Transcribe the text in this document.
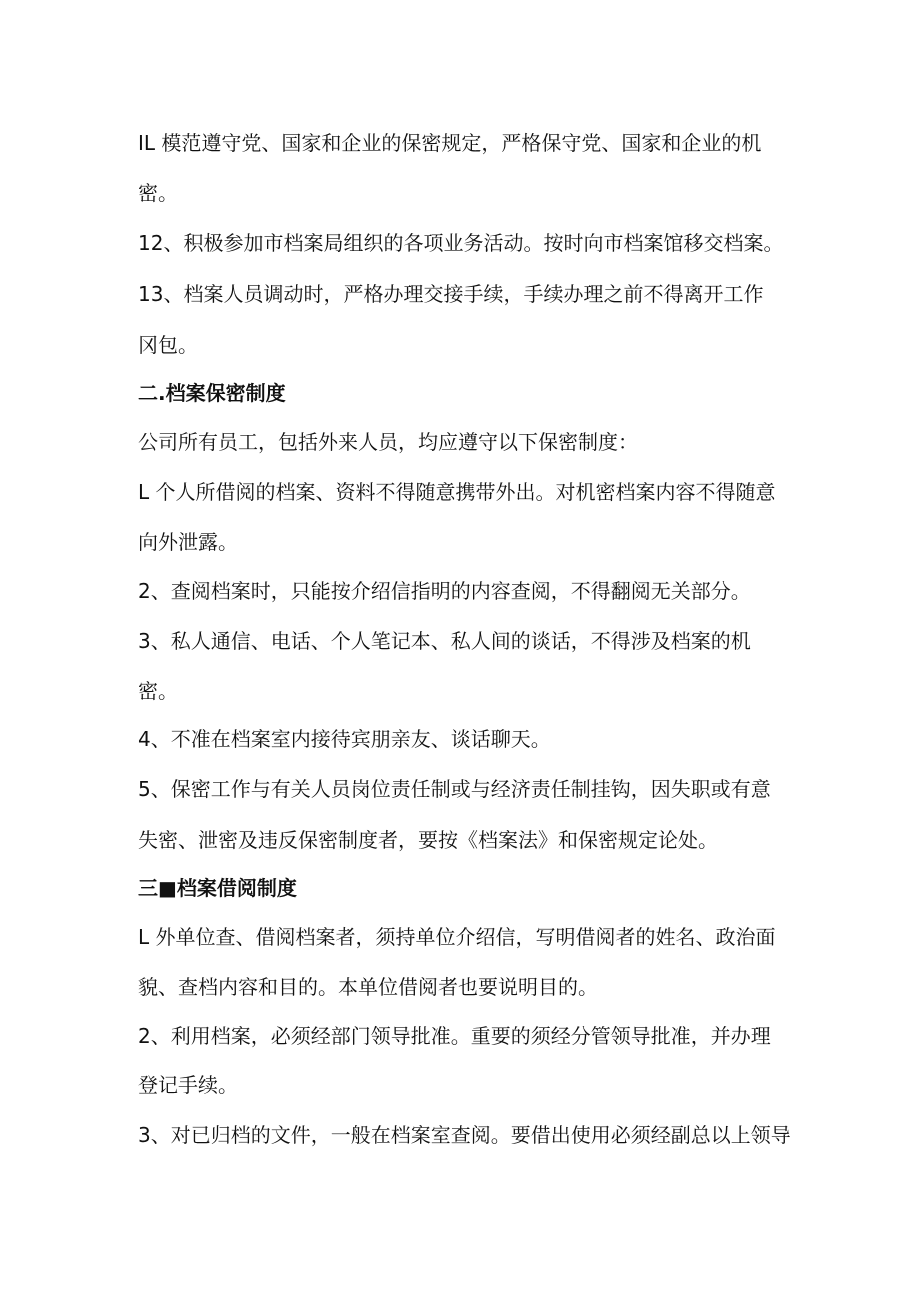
IL 模范遵守党、国家和企业的保密规定，严格保守党、国家和企业的机
密。
12、积极参加市档案局组织的各项业务活动。按时向市档案馆移交档案。
13、档案人员调动时，严格办理交接手续，手续办理之前不得离开工作
冈包。
二.档案保密制度
公司所有员工，包括外来人员，均应遵守以下保密制度：
L 个人所借阅的档案、资料不得随意携带外出。对机密档案内容不得随意
向外泄露。
2、查阅档案时，只能按介绍信指明的内容查阅，不得翻阅无关部分。
3、私人通信、电话、个人笔记本、私人间的谈话，不得涉及档案的机
密。
4、不准在档案室内接待宾朋亲友、谈话聊天。
5、保密工作与有关人员岗位责任制或与经济责任制挂钩，因失职或有意
失密、泄密及违反保密制度者，要按《档案法》和保密规定论处。
三■档案借阅制度
L 外单位查、借阅档案者，须持单位介绍信，写明借阅者的姓名、政治面
貌、查档内容和目的。本单位借阅者也要说明目的。
2、利用档案，必须经部门领导批准。重要的须经分管领导批准，并办理
登记手续。
3、对已归档的文件，一般在档案室查阅。要借出使用必须经副总以上领导
